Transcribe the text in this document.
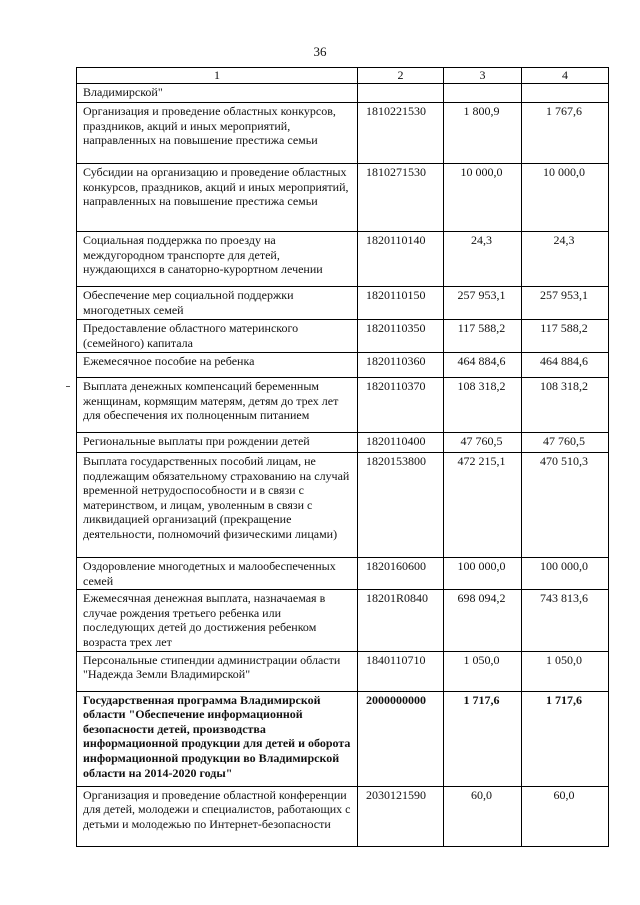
36
1	2	3	4
Владимирской"			
Организация и проведение областных конкурсов, праздников, акций и иных мероприятий, направленных на повышение престижа семьи	1810221530	1 800,9	1 767,6
Субсидии на организацию и проведение областных конкурсов, праздников, акций и иных мероприятий, направленных на повышение престижа семьи	1810271530	10 000,0	10 000,0
Социальная поддержка по проезду на междугородном транспорте для детей, нуждающихся в санаторно-курортном лечении	1820110140	24,3	24,3
Обеспечение мер социальной поддержки многодетных семей	1820110150	257 953,1	257 953,1
Предоставление областного материнского (семейного) капитала	1820110350	117 588,2	117 588,2
Ежемесячное пособие на ребенка	1820110360	464 884,6	464 884,6
Выплата денежных компенсаций беременным женщинам, кормящим матерям, детям до трех лет для обеспечения их полноценным питанием	1820110370	108 318,2	108 318,2
Региональные выплаты при рождении детей	1820110400	47 760,5	47 760,5
Выплата государственных пособий лицам, не подлежащим обязательному страхованию на случай временной нетрудоспособности и в связи с материнством, и лицам, уволенным в связи с ликвидацией организаций (прекращение деятельности, полномочий физическими лицами)	1820153800	472 215,1	470 510,3
Оздоровление многодетных и малообеспеченных семей	1820160600	100 000,0	100 000,0
Ежемесячная денежная выплата, назначаемая в случае рождения третьего ребенка или последующих детей до достижения ребенком возраста трех лет	18201R0840	698 094,2	743 813,6
Персональные стипендии администрации области "Надежда Земли Владимирской"	1840110710	1 050,0	1 050,0
Государственная программа Владимирской области "Обеспечение информационной безопасности детей, производства информационной продукции для детей и оборота информационной продукции во Владимирской области на 2014-2020 годы"	2000000000	1 717,6	1 717,6
Организация и проведение областной конференции для детей, молодежи и специалистов, работающих с детьми и молодежью по Интернет-безопасности	2030121590	60,0	60,0
